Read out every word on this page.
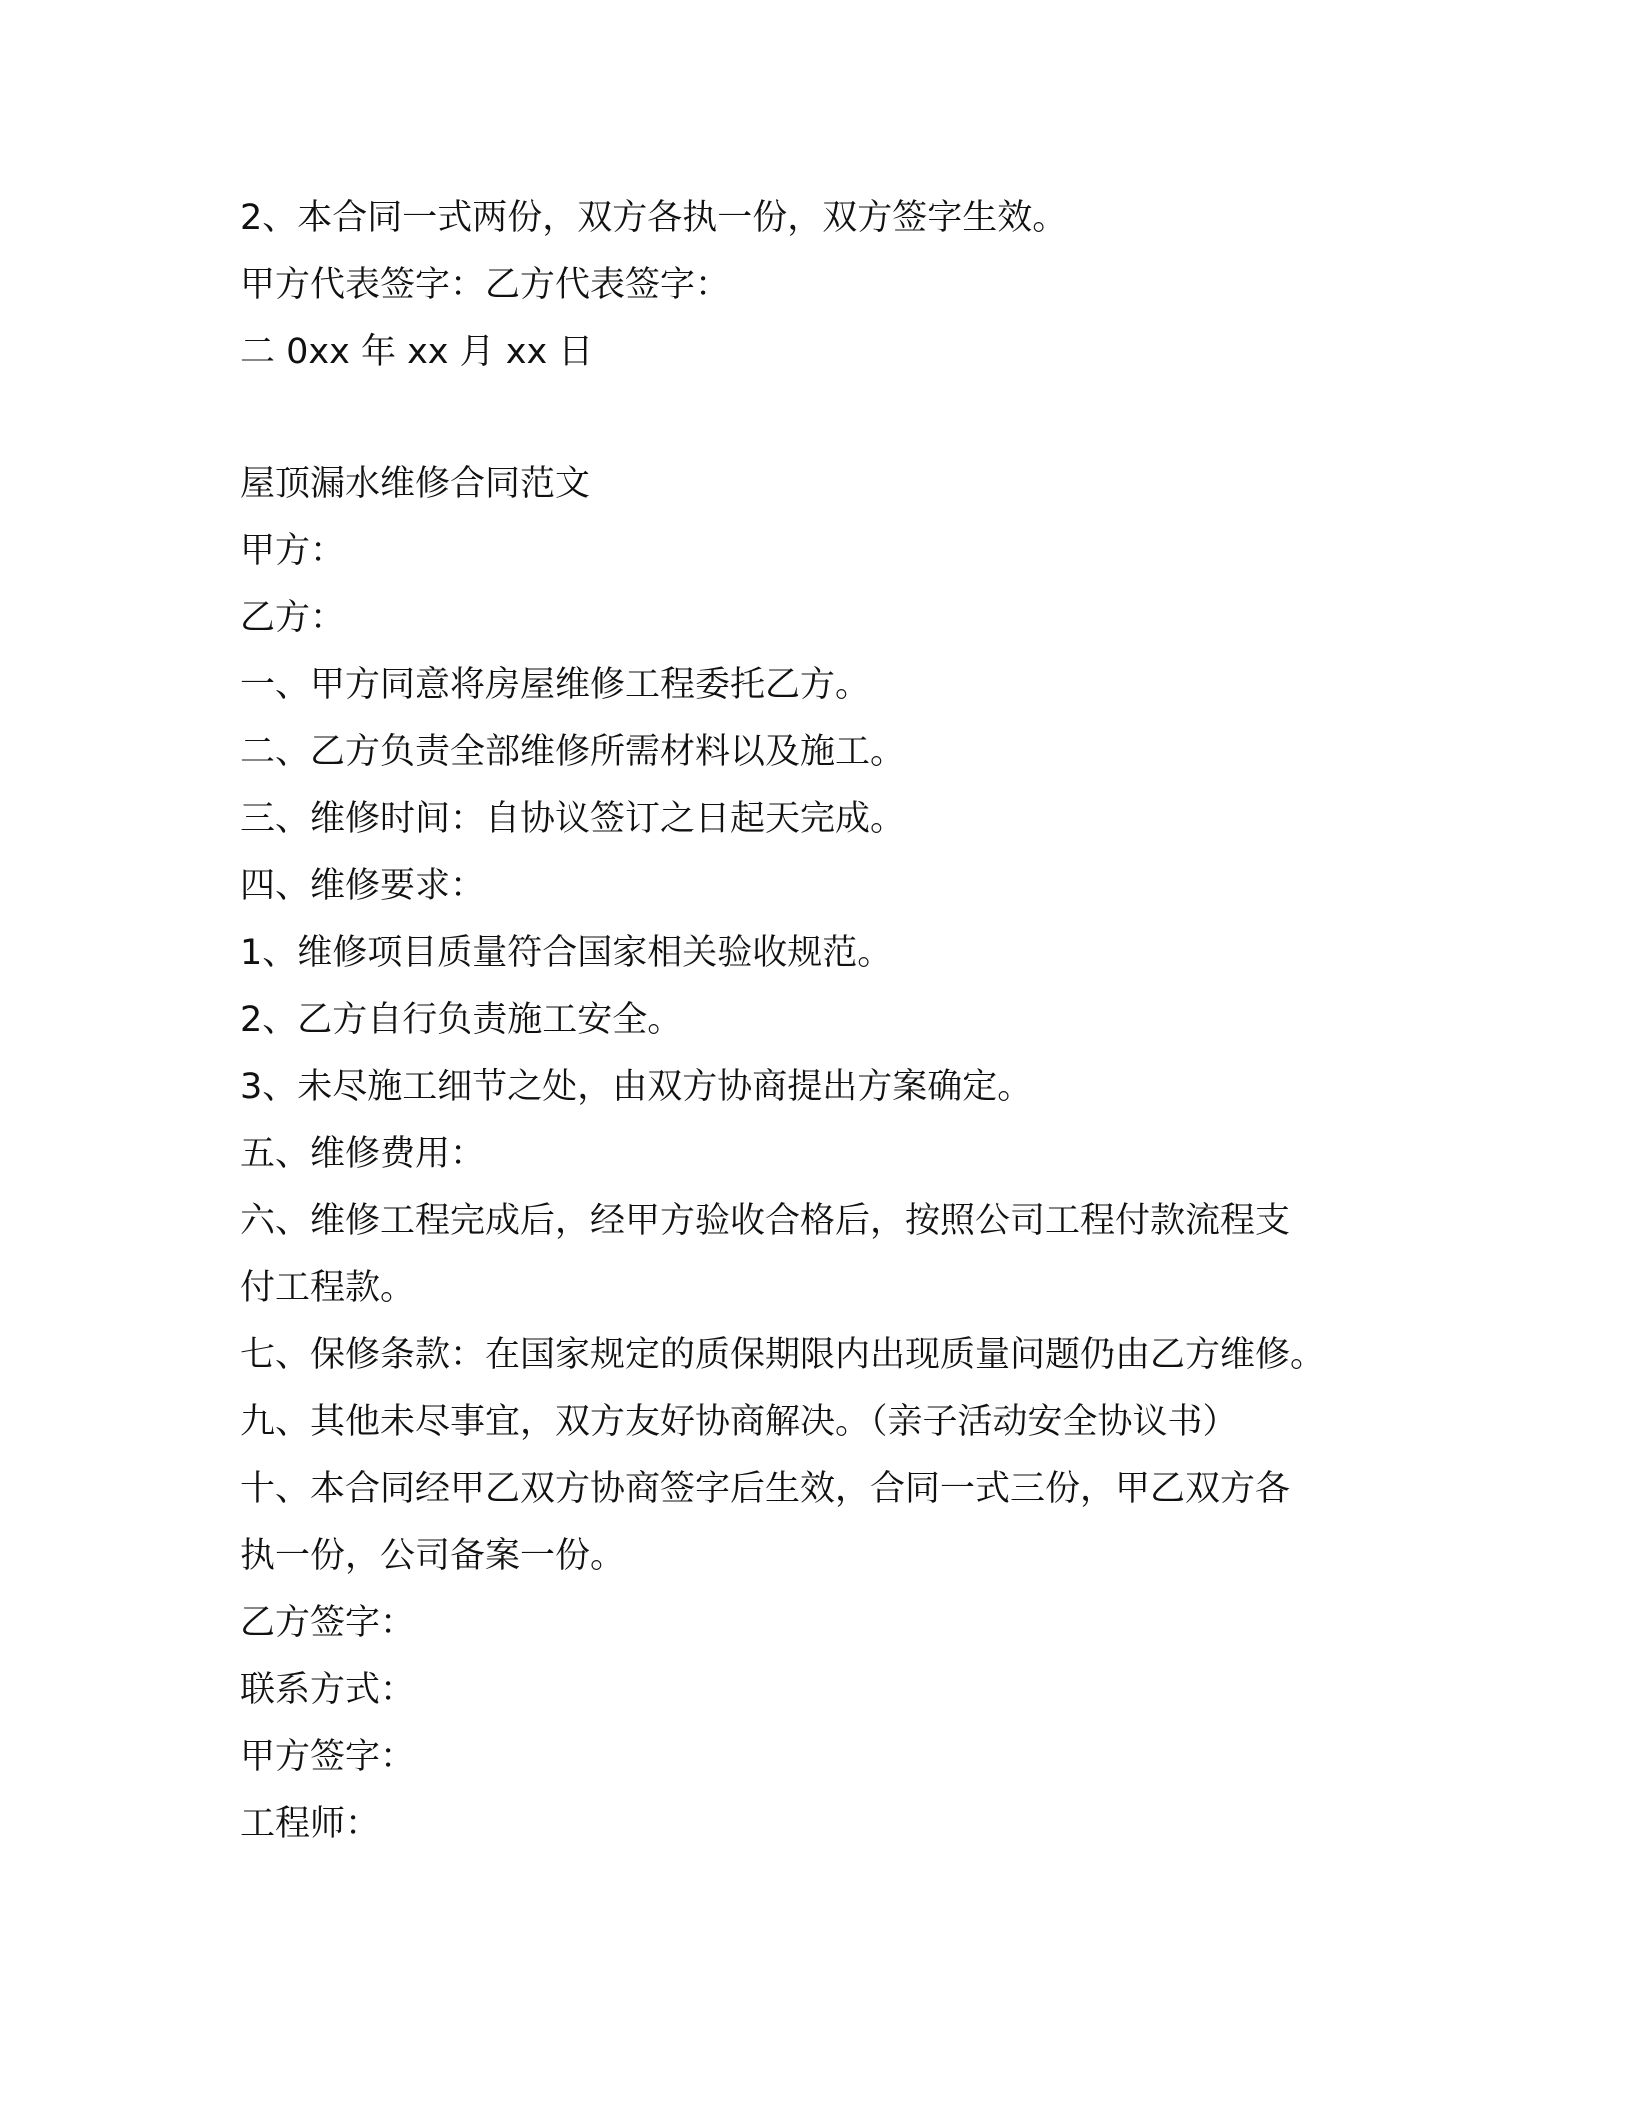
2、本合同一式两份，双方各执一份，双方签字生效。
甲方代表签字：乙方代表签字：
二 0xx 年 xx 月 xx 日
屋顶漏水维修合同范文
甲方：
乙方：
一、甲方同意将房屋维修工程委托乙方。
二、乙方负责全部维修所需材料以及施工。
三、维修时间：自协议签订之日起天完成。
四、维修要求：
1、维修项目质量符合国家相关验收规范。
2、乙方自行负责施工安全。
3、未尽施工细节之处，由双方协商提出方案确定。
五、维修费用：
六、维修工程完成后，经甲方验收合格后，按照公司工程付款流程支
付工程款。
七、保修条款：在国家规定的质保期限内出现质量问题仍由乙方维修。
九、其他未尽事宜，双方友好协商解决。（亲子活动安全协议书）
十、本合同经甲乙双方协商签字后生效，合同一式三份，甲乙双方各
执一份，公司备案一份。
乙方签字：
联系方式：
甲方签字：
工程师：
